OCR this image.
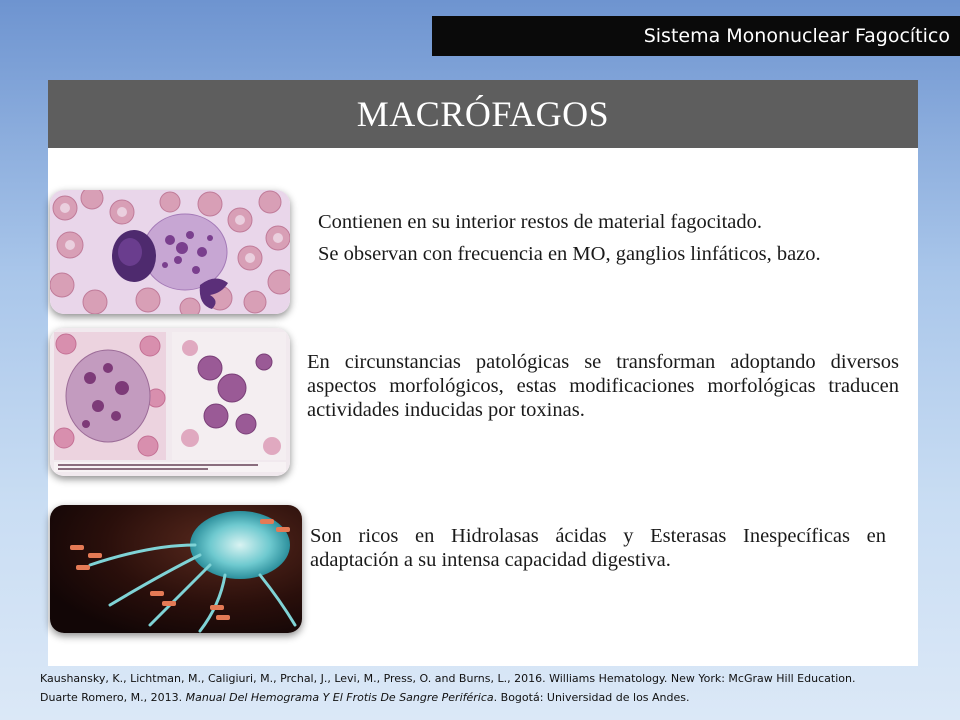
Sistema Mononuclear Fagocítico
MACRÓFAGOS

Contienen en su interior restos de material fagocitado.

Se observan con frecuencia en MO, ganglios linfáticos, bazo.

En circunstancias patológicas se transforman adoptando diversos aspectos morfológicos, estas modificaciones morfológicas traducen actividades inducidas por toxinas.
Son ricos en Hidrolasas ácidas y Esterasas Inespecíficas en adaptación a su intensa capacidad digestiva.
Kaushansky, K., Lichtman, M., Caligiuri, M., Prchal, J., Levi, M., Press, O. and Burns, L., 2016. Williams Hematology. New York: McGraw Hill Education.
Duarte Romero, M., 2013. Manual Del Hemograma Y El Frotis De Sangre Periférica. Bogotá: Universidad de los Andes.
